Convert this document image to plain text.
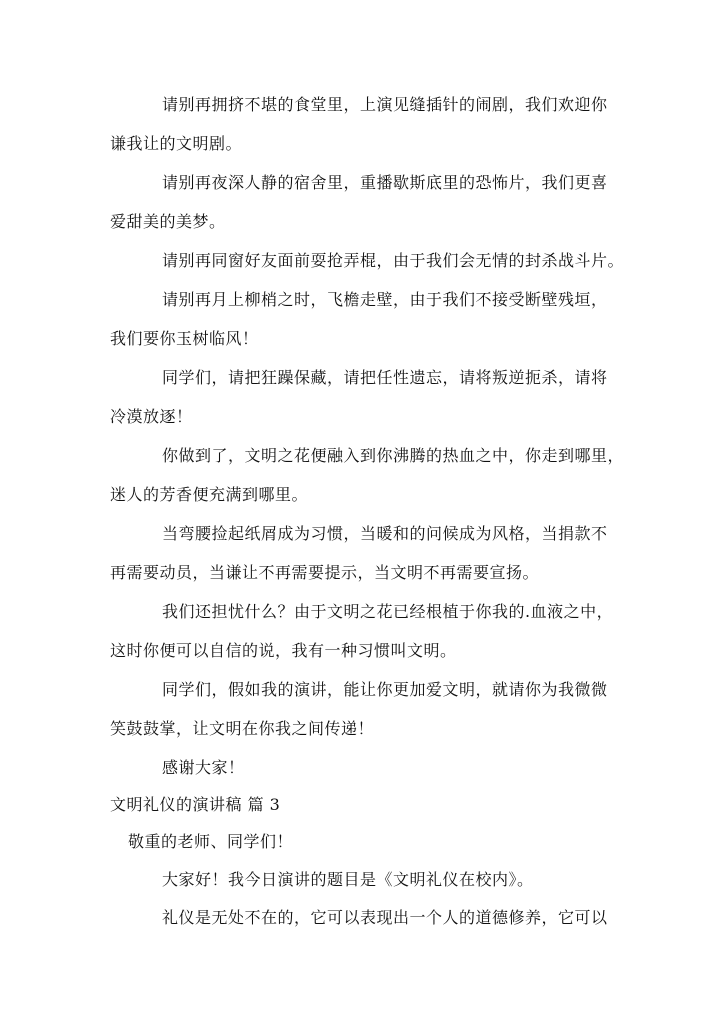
请别再拥挤不堪的食堂里，上演见缝插针的闹剧，我们欢迎你
谦我让的文明剧。
请别再夜深人静的宿舍里，重播歇斯底里的恐怖片，我们更喜
爱甜美的美梦。
请别再同窗好友面前耍抢弄棍，由于我们会无情的封杀战斗片。
请别再月上柳梢之时，飞檐走壁，由于我们不接受断壁残垣，
我们要你玉树临风！
同学们，请把狂躁保藏，请把任性遗忘，请将叛逆扼杀，请将
冷漠放逐！
你做到了，文明之花便融入到你沸腾的热血之中，你走到哪里，
迷人的芳香便充满到哪里。
当弯腰捡起纸屑成为习惯，当暖和的问候成为风格，当捐款不
再需要动员，当谦让不再需要提示，当文明不再需要宣扬。
我们还担忧什么？由于文明之花已经根植于你我的.血液之中，
这时你便可以自信的说，我有一种习惯叫文明。
同学们，假如我的演讲，能让你更加爱文明，就请你为我微微
笑鼓鼓掌，让文明在你我之间传递！
感谢大家！
文明礼仪的演讲稿 篇 3
敬重的老师、同学们！
大家好！我今日演讲的题目是《文明礼仪在校内》。
礼仪是无处不在的，它可以表现出一个人的道德修养，它可以
